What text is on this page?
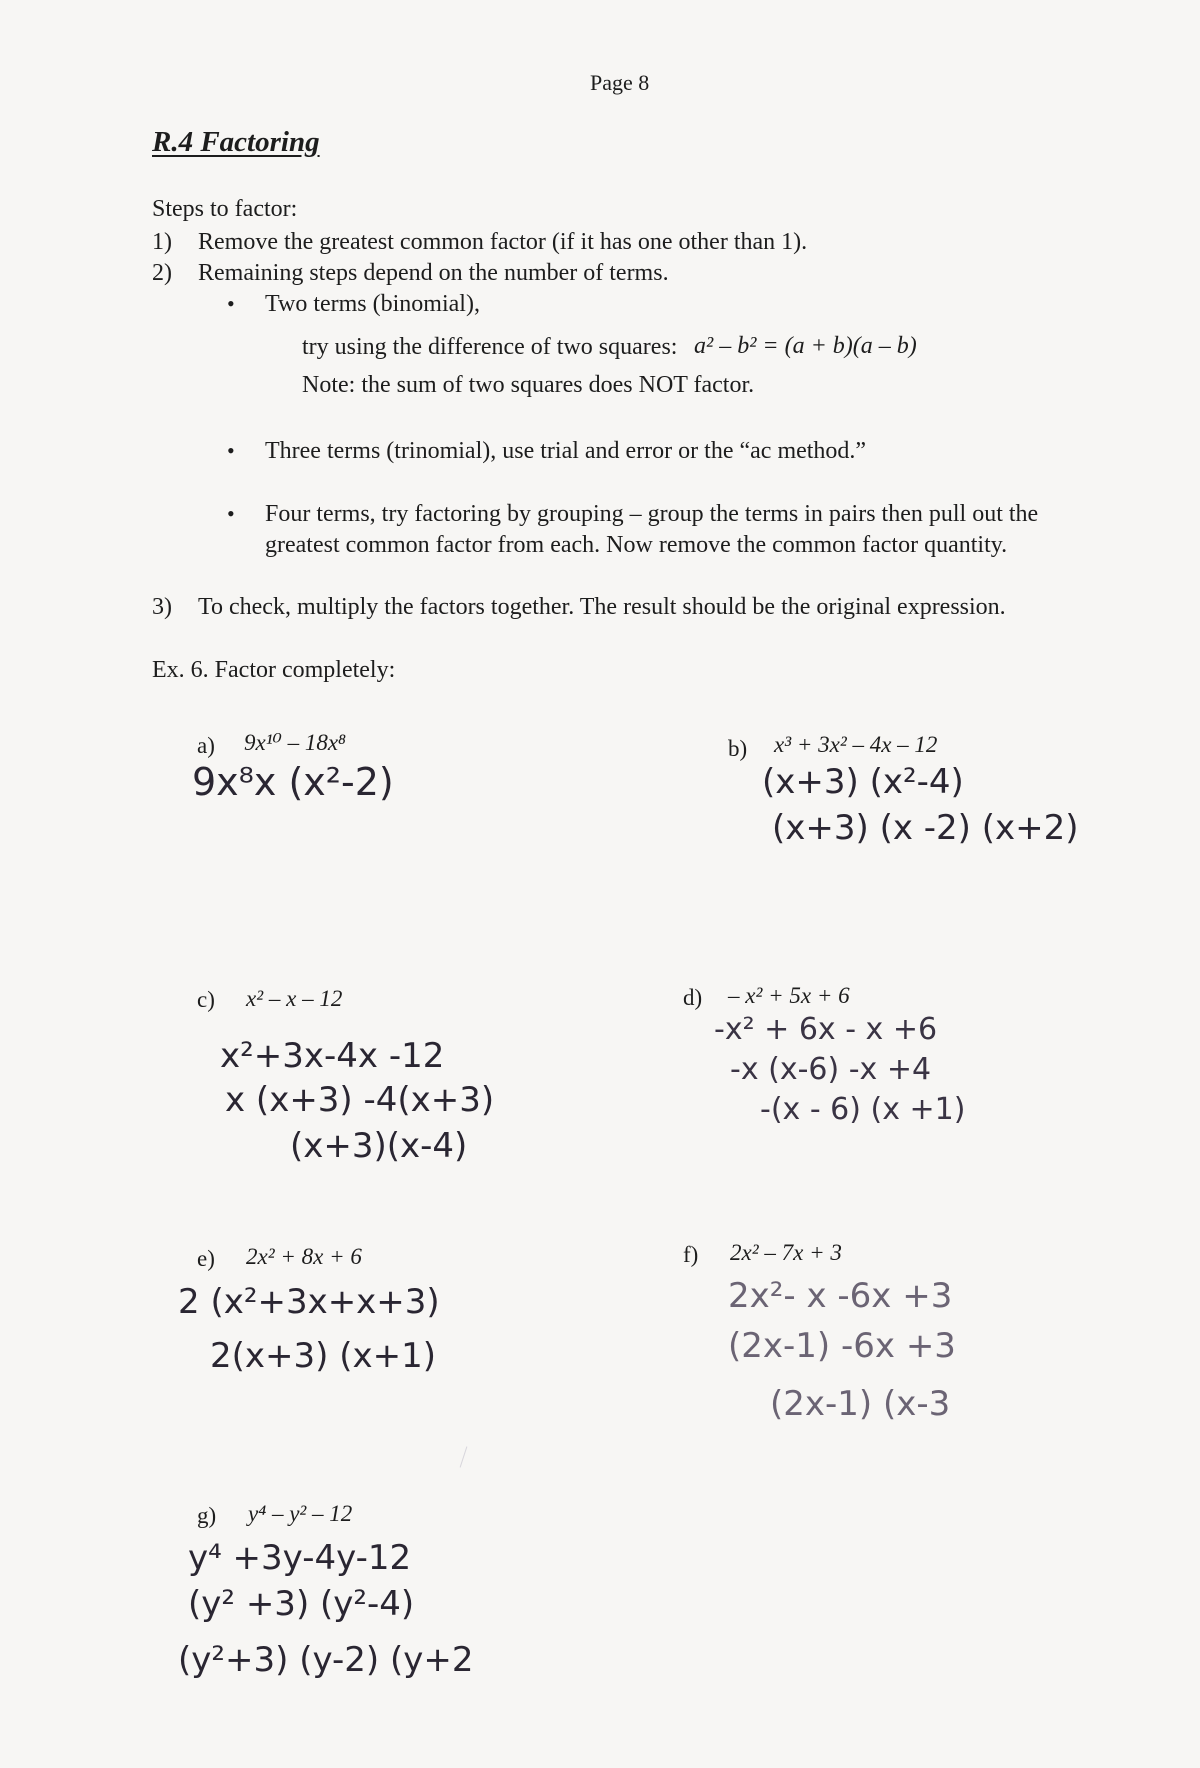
Page 8
R.4 Factoring
Steps to factor:
1) Remove the greatest common factor (if it has one other than 1).
2) Remaining steps depend on the number of terms.
• Two terms (binomial),
try using the difference of two squares: a² – b² = (a + b)(a – b)
Note: the sum of two squares does NOT factor.
• Three terms (trinomial), use trial and error or the “ac method.”
• Four terms, try factoring by grouping – group the terms in pairs then pull out the
greatest common factor from each. Now remove the common factor quantity.
3) To check, multiply the factors together. The result should be the original expression.
Ex. 6. Factor completely:
a) 9x¹⁰ – 18x⁸
9x⁸x (x²-2)
b) x³ + 3x² – 4x – 12
(x+3) (x²-4)
(x+3) (x -2) (x+2)
c) x² – x – 12
x²+3x-4x -12
x (x+3) -4(x+3)
(x+3)(x-4)
d) – x² + 5x + 6
-x² + 6x - x +6
-x (x-6) -x +4
-(x - 6) (x +1)
e) 2x² + 8x + 6
2 (x²+3x+x+3)
2(x+3) (x+1)
f) 2x² – 7x + 3
2x²- x -6x +3
(2x-1) -6x +3
(2x-1) (x-3
g) y⁴ – y² – 12
y⁴ +3y-4y-12
(y² +3) (y²-4)
(y²+3) (y-2) (y+2
